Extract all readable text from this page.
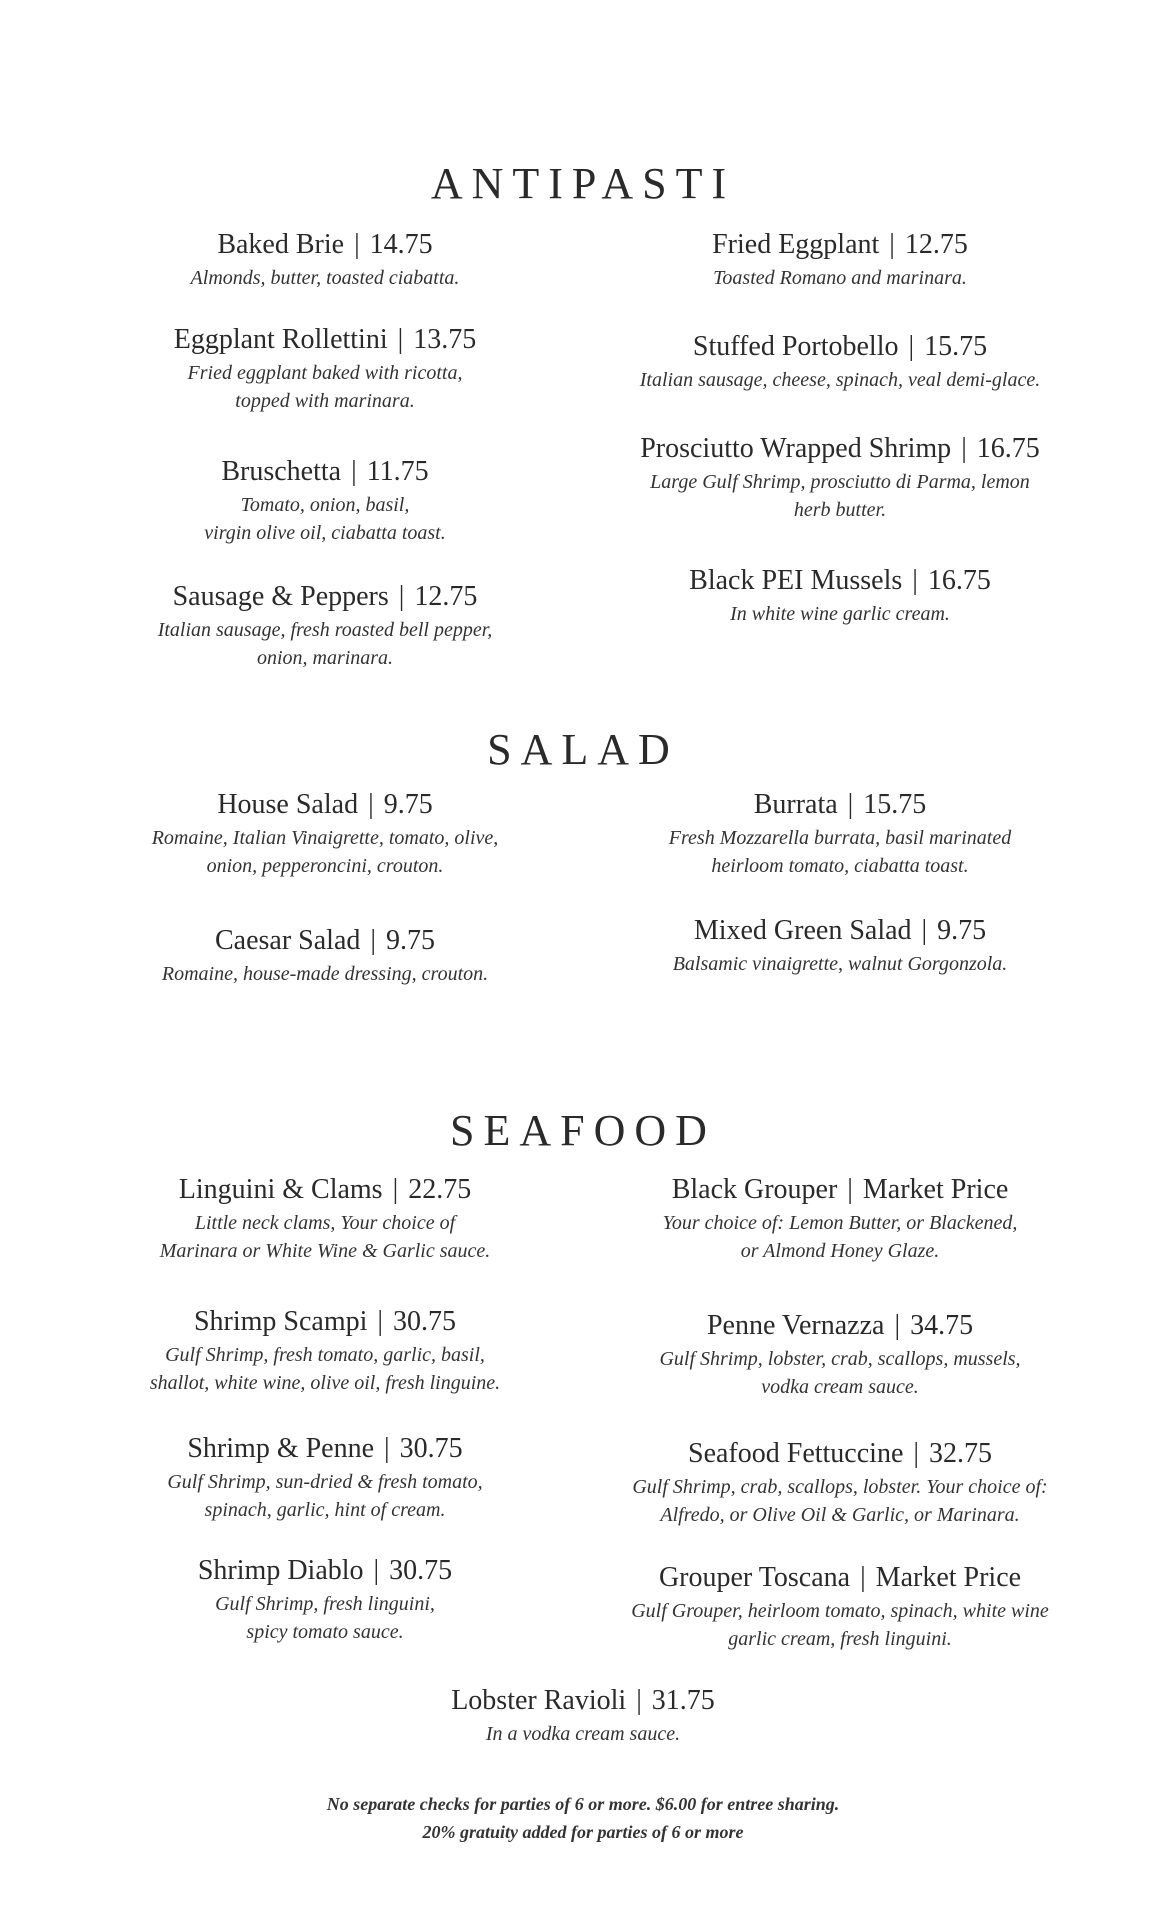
ANTIPASTI
Baked Brie | 14.75
Almonds, butter, toasted ciabatta.
Eggplant Rollettini | 13.75
Fried eggplant baked with ricotta,
topped with marinara.
Bruschetta | 11.75
Tomato, onion, basil,
virgin olive oil, ciabatta toast.
Sausage & Peppers | 12.75
Italian sausage, fresh roasted bell pepper,
onion, marinara.
Fried Eggplant | 12.75
Toasted Romano and marinara.
Stuffed Portobello | 15.75
Italian sausage, cheese, spinach, veal demi-glace.
Prosciutto Wrapped Shrimp | 16.75
Large Gulf Shrimp, prosciutto di Parma, lemon
herb butter.
Black PEI Mussels | 16.75
In white wine garlic cream.
SALAD
House Salad | 9.75
Romaine, Italian Vinaigrette, tomato, olive,
onion, pepperoncini, crouton.
Caesar Salad | 9.75
Romaine, house-made dressing, crouton.
Burrata | 15.75
Fresh Mozzarella burrata, basil marinated
heirloom tomato, ciabatta toast.
Mixed Green Salad | 9.75
Balsamic vinaigrette, walnut Gorgonzola.
SEAFOOD
Linguini & Clams | 22.75
Little neck clams, Your choice of
Marinara or White Wine & Garlic sauce.
Shrimp Scampi | 30.75
Gulf Shrimp, fresh tomato, garlic, basil,
shallot, white wine, olive oil, fresh linguine.
Shrimp & Penne | 30.75
Gulf Shrimp, sun-dried & fresh tomato,
spinach, garlic, hint of cream.
Shrimp Diablo | 30.75
Gulf Shrimp, fresh linguini,
spicy tomato sauce.
Black Grouper | Market Price
Your choice of: Lemon Butter, or Blackened,
or Almond Honey Glaze.
Penne Vernazza | 34.75
Gulf Shrimp, lobster, crab, scallops, mussels,
vodka cream sauce.
Seafood Fettuccine | 32.75
Gulf Shrimp, crab, scallops, lobster. Your choice of:
Alfredo, or Olive Oil & Garlic, or Marinara.
Grouper Toscana | Market Price
Gulf Grouper, heirloom tomato, spinach, white wine
garlic cream, fresh linguini.
Lobster Ravioli | 31.75
In a vodka cream sauce.
No separate checks for parties of 6 or more. $6.00 for entree sharing.
20% gratuity added for parties of 6 or more
